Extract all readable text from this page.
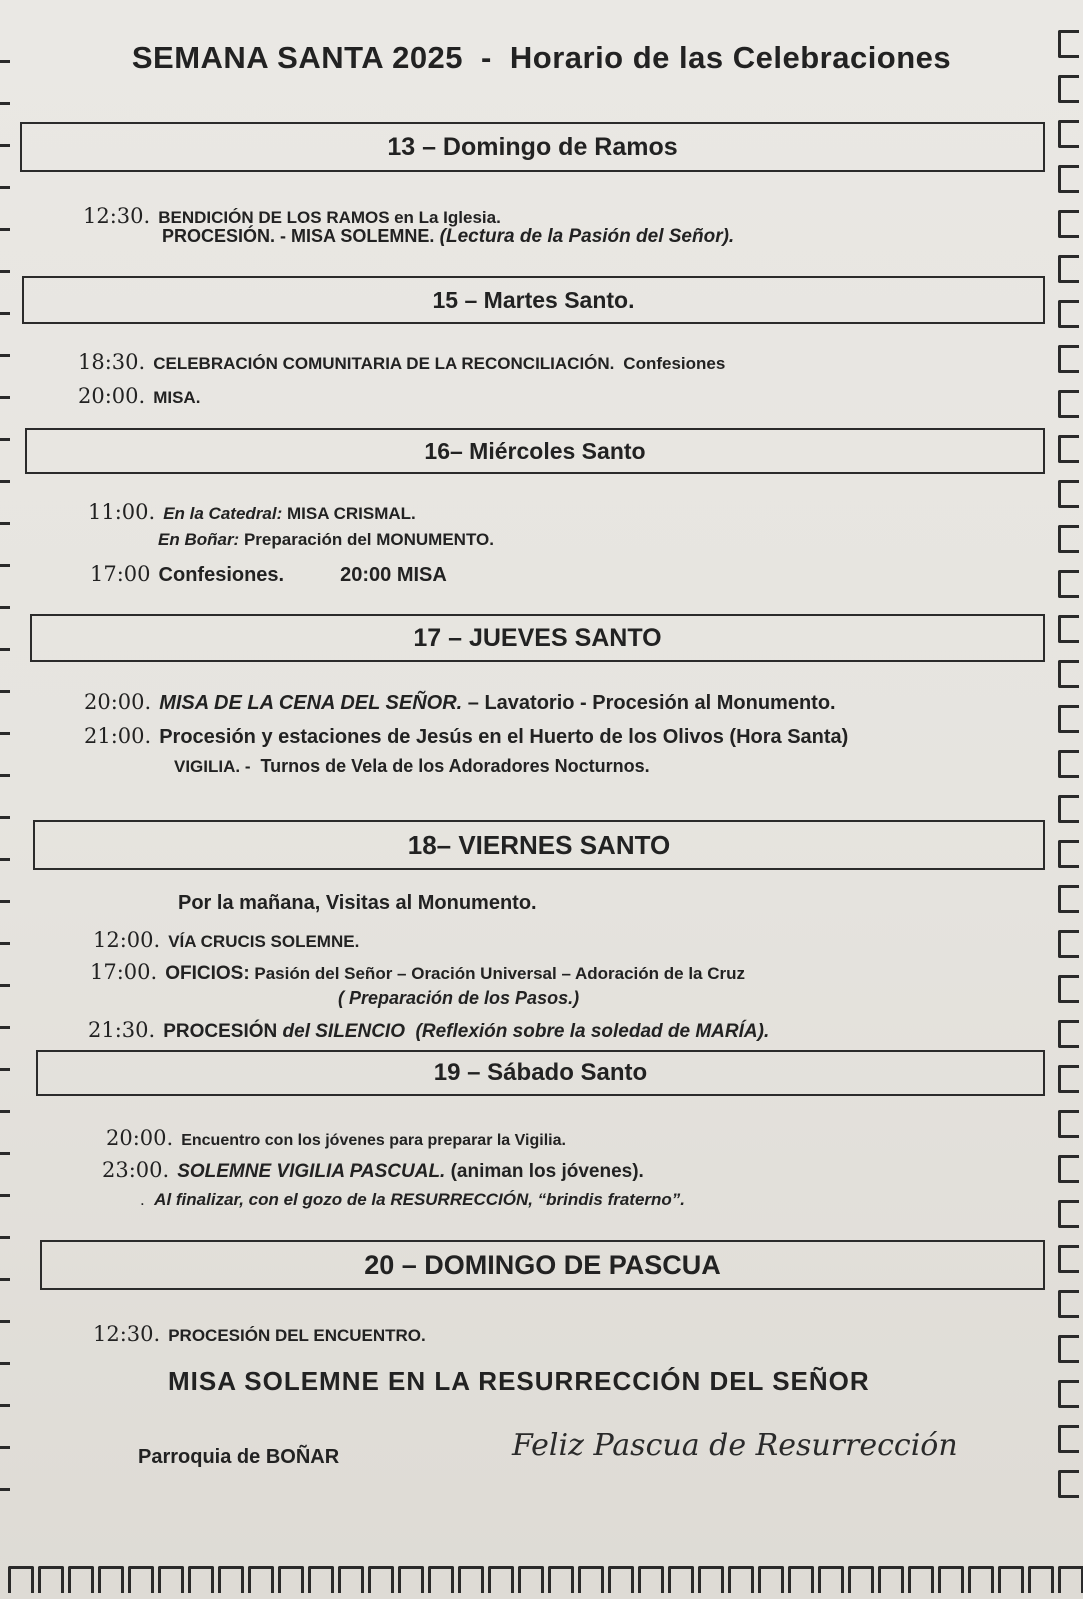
SEMANA SANTA 2025 - Horario de las Celebraciones
13 – Domingo de Ramos
12:30. BENDICIÓN DE LOS RAMOS en La Iglesia.
PROCESIÓN. - MISA SOLEMNE. (Lectura de la Pasión del Señor).
15 – Martes Santo.
18:30. CELEBRACIÓN COMUNITARIA DE LA RECONCILIACIÓN. Confesiones
20:00. MISA.
16– Miércoles Santo
11:00. En la Catedral: MISA CRISMAL.
En Boñar: Preparación del MONUMENTO.
17:00 Confesiones.	20:00 MISA
17 – JUEVES SANTO
20:00. MISA DE LA CENA DEL SEÑOR. – Lavatorio - Procesión al Monumento.
21:00. Procesión y estaciones de Jesús en el Huerto de los Olivos (Hora Santa)
VIGILIA. - Turnos de Vela de los Adoradores Nocturnos.
18– VIERNES SANTO
Por la mañana, Visitas al Monumento.
12:00. VÍA CRUCIS SOLEMNE.
17:00. OFICIOS: Pasión del Señor – Oración Universal – Adoración de la Cruz
( Preparación de los Pasos.)
21:30. PROCESIÓN del SILENCIO (Reflexión sobre la soledad de MARÍA).
19 – Sábado Santo
20:00. Encuentro con los jóvenes para preparar la Vigilia.
23:00. SOLEMNE VIGILIA PASCUAL. (animan los jóvenes).
.  Al finalizar, con el gozo de la RESURRECCIÓN, “brindis fraterno”.
20 – DOMINGO DE PASCUA
12:30. PROCESIÓN DEL ENCUENTRO.
MISA SOLEMNE EN LA RESURRECCIÓN DEL SEÑOR
Parroquia de BOÑAR	Feliz Pascua de Resurrección
